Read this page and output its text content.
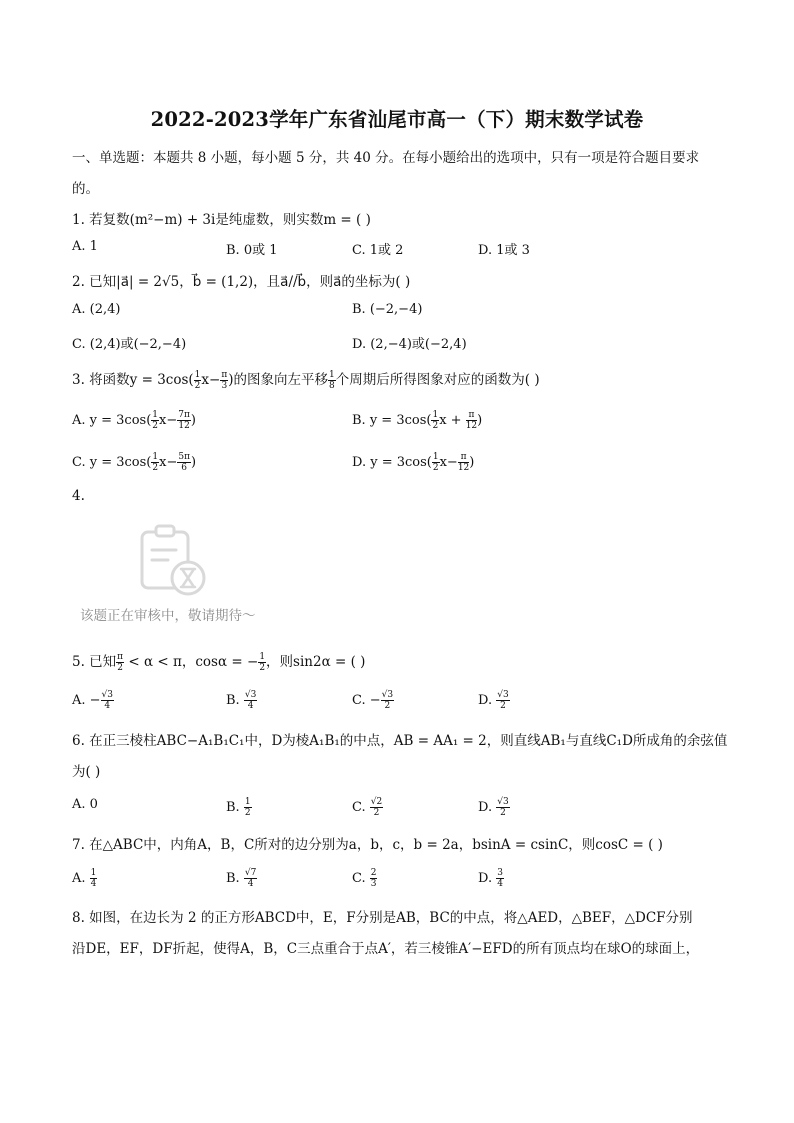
2022-2023学年广东省汕尾市高一（下）期末数学试卷
一、单选题：本题共 8 小题，每小题 5 分，共 40 分。在每小题给出的选项中，只有一项是符合题目要求
的。
1. 若复数(m²−m) + 3i是纯虚数，则实数m = ( )
A. 1	B. 0或 1	C. 1或 2	D. 1或 3
2. 已知|a⃗| = 2√5，b⃗ = (1,2)，且a⃗//b⃗，则a⃗的坐标为( )
A. (2,4)	B. (−2,−4)
C. (2,4)或(−2,−4)	D. (2,−4)或(−2,4)
3. 将函数$y = 3\cos( \frac{1}{2} x- \frac{\pi}{3}$ )的图象向左平移 $\frac{1}{8}$ 个周期后所得图象对应的函数为( )
A. $y = 3\cos( \frac{1}{2} x- \frac{7\pi}{12}$ )	B. $y = 3\cos( \frac{1}{2}$ $x + \frac{\pi}{12}$ )
C. $y = 3\cos( \frac{1}{2} x- \frac{5\pi}{6}$ )	D. $y = 3\cos( \frac{1}{2} x- \frac{\pi}{12}$ )
4.
该题正在审核中，敬请期待～
5. 已知 $\frac{\pi}{2} < \alpha < \pi$，cosα = − $\frac{1}{2}$ ，则sin2α = ( )
A. − $\frac{√3}{4}$	B. $\frac{√3}{4}$	C. − $\frac{√3}{2}$	D. $\frac{√3}{2}$
6. 在正三棱柱ABC−A₁B₁C₁中，D为棱A₁B₁的中点，AB = AA₁ = 2，则直线AB₁与直线C₁D所成角的余弦值
为( )
A. 0	B. $\frac{1}{2}$	C. $\frac{√2}{2}$	D. $\frac{√3}{2}$
7. 在△ABC中，内角A，B，C所对的边分别为a，b，c，b = 2a，bsinA = csinC，则cosC = ( )
A. $\frac{1}{4}$	B. $\frac{√7}{4}$	C. $\frac{2}{3}$	D. $\frac{3}{4}$
8. 如图，在边长为 2 的正方形ABCD中，E，F分别是AB，BC的中点，将△AED，△BEF，△DCF分别
沿DE，EF，DF折起，使得A，B，C三点重合于点A′，若三棱锥A′−EFD的所有顶点均在球O的球面上，
